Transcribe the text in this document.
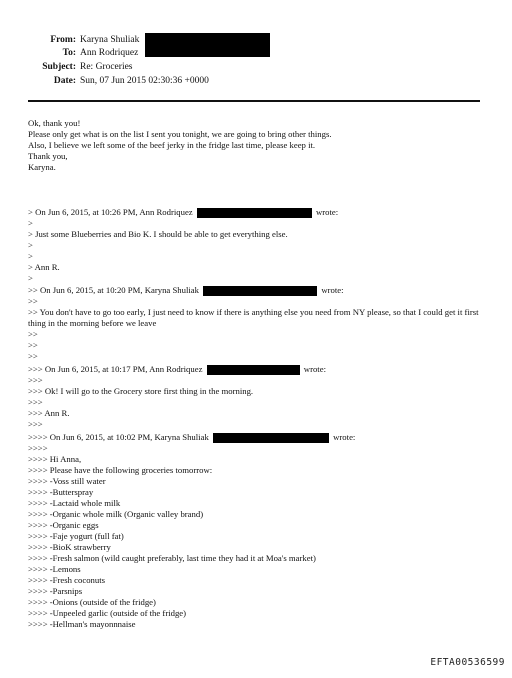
From: Karyna Shuliak
To: Ann Rodriquez
Subject: Re: Groceries
Date: Sun, 07 Jun 2015 02:30:36 +0000
Ok, thank you!
Please only get what is on the list I sent you tonight, we are going to bring other things.
Also, I believe we left some of the beef jerky in the fridge last time, please keep it.
Thank you,
Karyna.
> On Jun 6, 2015, at 10:26 PM, Ann Rodriquez	wrote:
>
> Just some Blueberries and Bio K. I should be able to get everything else.
>
>
> Ann R.
>
>> On Jun 6, 2015, at 10:20 PM, Karyna Shuliak	wrote:
>>
>> You don't have to go too early, I just need to know if there is anything else you need from NY please, so that I could get it first thing in the morning before we leave
>>
>>
>>
>>> On Jun 6, 2015, at 10:17 PM, Ann Rodriquez	wrote:
>>>
>>> Ok! I will go to the Grocery store first thing in the morning.
>>>
>>> Ann R.
>>>
>>>> On Jun 6, 2015, at 10:02 PM, Karyna Shuliak	wrote:
>>>>
>>>> Hi Anna,
>>>> Please have the following groceries tomorrow:
>>>> -Voss still water
>>>> -Butterspray
>>>> -Lactaid whole milk
>>>> -Organic whole milk (Organic valley brand)
>>>> -Organic eggs
>>>> -Faje yogurt (full fat)
>>>> -BioK strawberry
>>>> -Fresh salmon (wild caught preferably, last time they had it at Moa's market)
>>>> -Lemons
>>>> -Fresh coconuts
>>>> -Parsnips
>>>> -Onions (outside of the fridge)
>>>> -Unpeeled garlic (outside of the fridge)
>>>> -Hellman's mayonnnaise
EFTA00536599
